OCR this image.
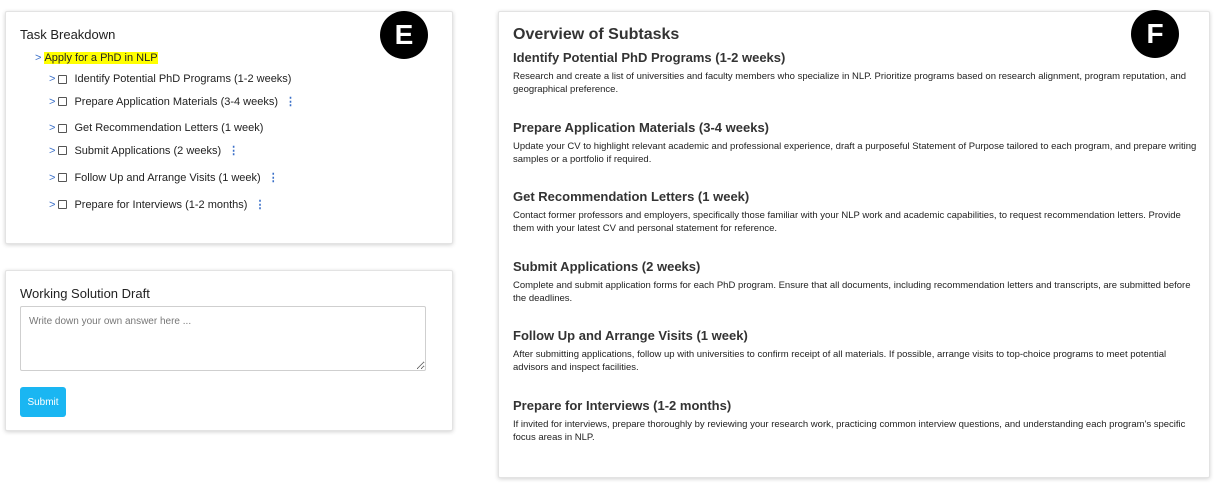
Task Breakdown
> Apply for a PhD in NLP
> Identify Potential PhD Programs (1-2 weeks)
> Prepare Application Materials (3-4 weeks) ⋮
> Get Recommendation Letters (1 week)
> Submit Applications (2 weeks) ⋮
> Follow Up and Arrange Visits (1 week) ⋮
> Prepare for Interviews (1-2 months) ⋮
E
Working Solution Draft
Write down your own answer here ...
Submit
Overview of Subtasks
Identify Potential PhD Programs (1-2 weeks)

Research and create a list of universities and faculty members who specialize in NLP. Prioritize programs based on research alignment, program reputation, and geographical preference.

Prepare Application Materials (3-4 weeks)

Update your CV to highlight relevant academic and professional experience, draft a purposeful Statement of Purpose tailored to each program, and prepare writing samples or a portfolio if required.

Get Recommendation Letters (1 week)

Contact former professors and employers, specifically those familiar with your NLP work and academic capabilities, to request recommendation letters. Provide them with your latest CV and personal statement for reference.

Submit Applications (2 weeks)

Complete and submit application forms for each PhD program. Ensure that all documents, including recommendation letters and transcripts, are submitted before the deadlines.

Follow Up and Arrange Visits (1 week)

After submitting applications, follow up with universities to confirm receipt of all materials. If possible, arrange visits to top-choice programs to meet potential advisors and inspect facilities.

Prepare for Interviews (1-2 months)

If invited for interviews, prepare thoroughly by reviewing your research work, practicing common interview questions, and understanding each program's specific focus areas in NLP.

F
